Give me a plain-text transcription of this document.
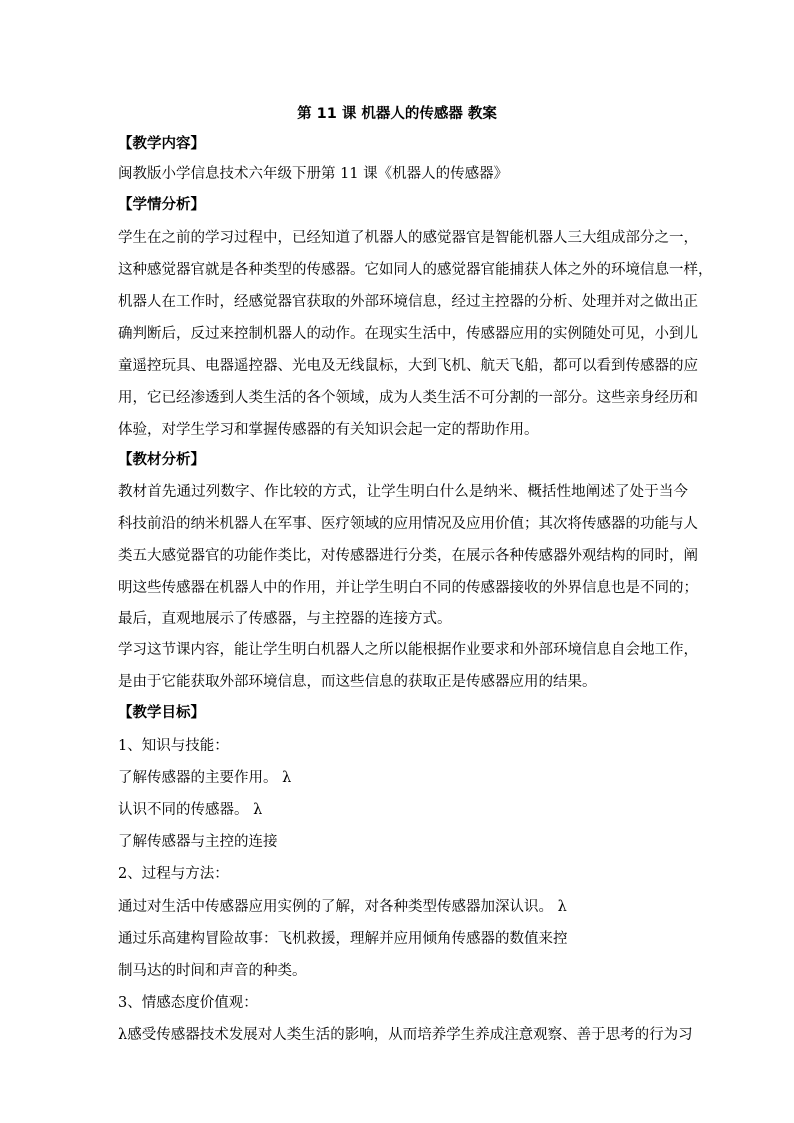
第 11 课 机器人的传感器 教案
【教学内容】
闽教版小学信息技术六年级下册第 11 课《机器人的传感器》
【学情分析】
学生在之前的学习过程中，已经知道了机器人的感觉器官是智能机器人三大组成部分之一，
这种感觉器官就是各种类型的传感器。它如同人的感觉器官能捕获人体之外的环境信息一样，
机器人在工作时，经感觉器官获取的外部环境信息，经过主控器的分析、处理并对之做出正
确判断后，反过来控制机器人的动作。在现实生活中，传感器应用的实例随处可见，小到儿
童遥控玩具、电器遥控器、光电及无线鼠标，大到飞机、航天飞船，都可以看到传感器的应
用，它已经渗透到人类生活的各个领域，成为人类生活不可分割的一部分。这些亲身经历和
体验，对学生学习和掌握传感器的有关知识会起一定的帮助作用。
【教材分析】
教材首先通过列数字、作比较的方式，让学生明白什么是纳米、概括性地阐述了处于当今
科技前沿的纳米机器人在军事、医疗领域的应用情况及应用价值；其次将传感器的功能与人
类五大感觉器官的功能作类比，对传感器进行分类，在展示各种传感器外观结构的同时，阐
明这些传感器在机器人中的作用，并让学生明白不同的传感器接收的外界信息也是不同的；
最后，直观地展示了传感器，与主控器的连接方式。
学习这节课内容，能让学生明白机器人之所以能根据作业要求和外部环境信息自会地工作，
是由于它能获取外部环境信息，而这些信息的获取正是传感器应用的结果。
【教学目标】
1、知识与技能：
了解传感器的主要作用。 λ
认识不同的传感器。 λ
了解传感器与主控的连接
2、过程与方法：
通过对生活中传感器应用实例的了解，对各种类型传感器加深认识。 λ
通过乐高建构冒险故事：飞机救援，理解并应用倾角传感器的数值来控
制马达的时间和声音的种类。
3、情感态度价值观：
λ感受传感器技术发展对人类生活的影响，从而培养学生养成注意观察、善于思考的行为习
